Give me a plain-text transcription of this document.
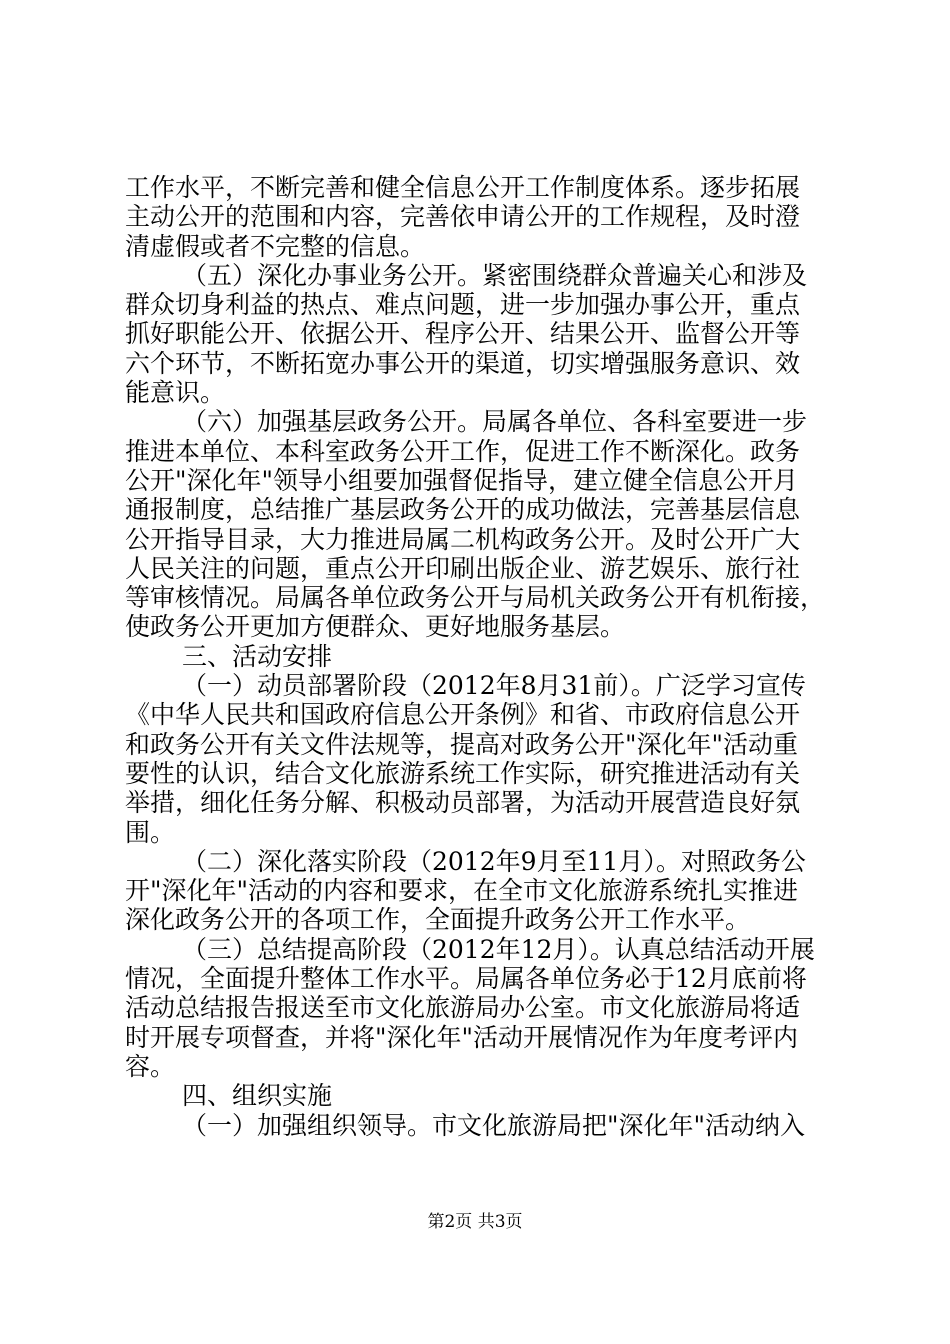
工作水平，不断完善和健全信息公开工作制度体系。逐步拓展
主动公开的范围和内容，完善依申请公开的工作规程，及时澄
清虚假或者不完整的信息。
（五）深化办事业务公开。紧密围绕群众普遍关心和涉及
群众切身利益的热点、难点问题，进一步加强办事公开，重点
抓好职能公开、依据公开、程序公开、结果公开、监督公开等
六个环节，不断拓宽办事公开的渠道，切实增强服务意识、效
能意识。
（六）加强基层政务公开。局属各单位、各科室要进一步
推进本单位、本科室政务公开工作，促进工作不断深化。政务
公开"深化年"领导小组要加强督促指导，建立健全信息公开月
通报制度，总结推广基层政务公开的成功做法，完善基层信息
公开指导目录，大力推进局属二机构政务公开。及时公开广大
人民关注的问题，重点公开印刷出版企业、游艺娱乐、旅行社
等审核情况。局属各单位政务公开与局机关政务公开有机衔接，
使政务公开更加方便群众、更好地服务基层。
三、活动安排
（一）动员部署阶段（2012年8月31前）。广泛学习宣传
《中华人民共和国政府信息公开条例》和省、市政府信息公开
和政务公开有关文件法规等，提高对政务公开"深化年"活动重
要性的认识，结合文化旅游系统工作实际，研究推进活动有关
举措，细化任务分解、积极动员部署，为活动开展营造良好氛
围。
（二）深化落实阶段（2012年9月至11月）。对照政务公
开"深化年"活动的内容和要求，在全市文化旅游系统扎实推进
深化政务公开的各项工作，全面提升政务公开工作水平。
（三）总结提高阶段（2012年12月）。认真总结活动开展
情况，全面提升整体工作水平。局属各单位务必于12月底前将
活动总结报告报送至市文化旅游局办公室。市文化旅游局将适
时开展专项督查，并将"深化年"活动开展情况作为年度考评内
容。
四、组织实施
（一）加强组织领导。市文化旅游局把"深化年"活动纳入
第2页 共3页
